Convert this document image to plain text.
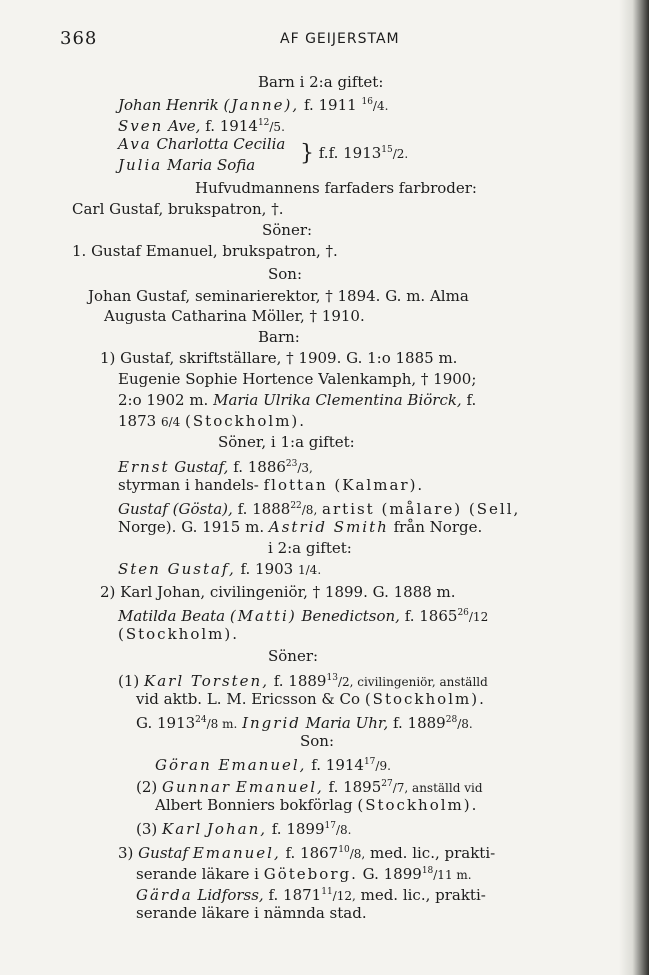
368	AF GEIJERSTAM
Barn i 2:a giftet:
Johan Henrik (Janne), f. 1911 $^{16}$/4.
Sven Ave, f. 1914$^{12}$/5.
Ava Charlotta Cecilia } f.f. 1913$^{15}$/2.
Julia Maria Sofia
Hufvudmannens farfaders farbroder:
Carl Gustaf, brukspatron, †.
Söner:
1. Gustaf Emanuel, brukspatron, †.
Son:
Johan Gustaf, seminarierektor, † 1894. G. m. Alma
Augusta Catharina Möller, † 1910.
Barn:
1) Gustaf, skriftställare, † 1909. G. 1:o 1885 m.
Eugenie Sophie Hortence Valenkamph, † 1900;
2:o 1902 m. Maria Ulrika Clementina Biörck, f.
1873 6/4 (Stockholm).
Söner, i 1:a giftet:
Ernst Gustaf, f. 1886$^{23}$/3,
styrman i handels- flottan (Kalmar).
Gustaf (Gösta), f. 1888$^{22}$/8, artist (målare) (Sell,
Norge). G. 1915 m. Astrid Smith från Norge.
i 2:a giftet:
Sten Gustaf, f. 1903 1/4.
2) Karl Johan, civilingeniör, † 1899. G. 1888 m.
Matilda Beata (Matti) Benedictson, f. 1865$^{26}$/12
(Stockholm).
Söner:
(1) Karl Torsten, f. 1889$^{13}$/2, civilingeniör, anställd
vid aktb. L. M. Ericsson & Co (Stockholm).
G. 1913$^{24}$/8 m. Ingrid Maria Uhr, f. 1889$^{28}$/8.
Son:
Göran Emanuel, f. 1914$^{17}$/9.
(2) Gunnar Emanuel, f. 1895$^{27}$/7, anställd vid
Albert Bonniers bokförlag (Stockholm).
(3) Karl Johan, f. 1899$^{17}$/8.
3) Gustaf Emanuel, f. 1867$^{10}$/8, med. lic., prakti-
serande läkare i Göteborg. G. 1899$^{18}$/11 m.
Gärda Lidforss, f. 1871$^{11}$/12, med. lic., prakti-
serande läkare i nämnda stad.
